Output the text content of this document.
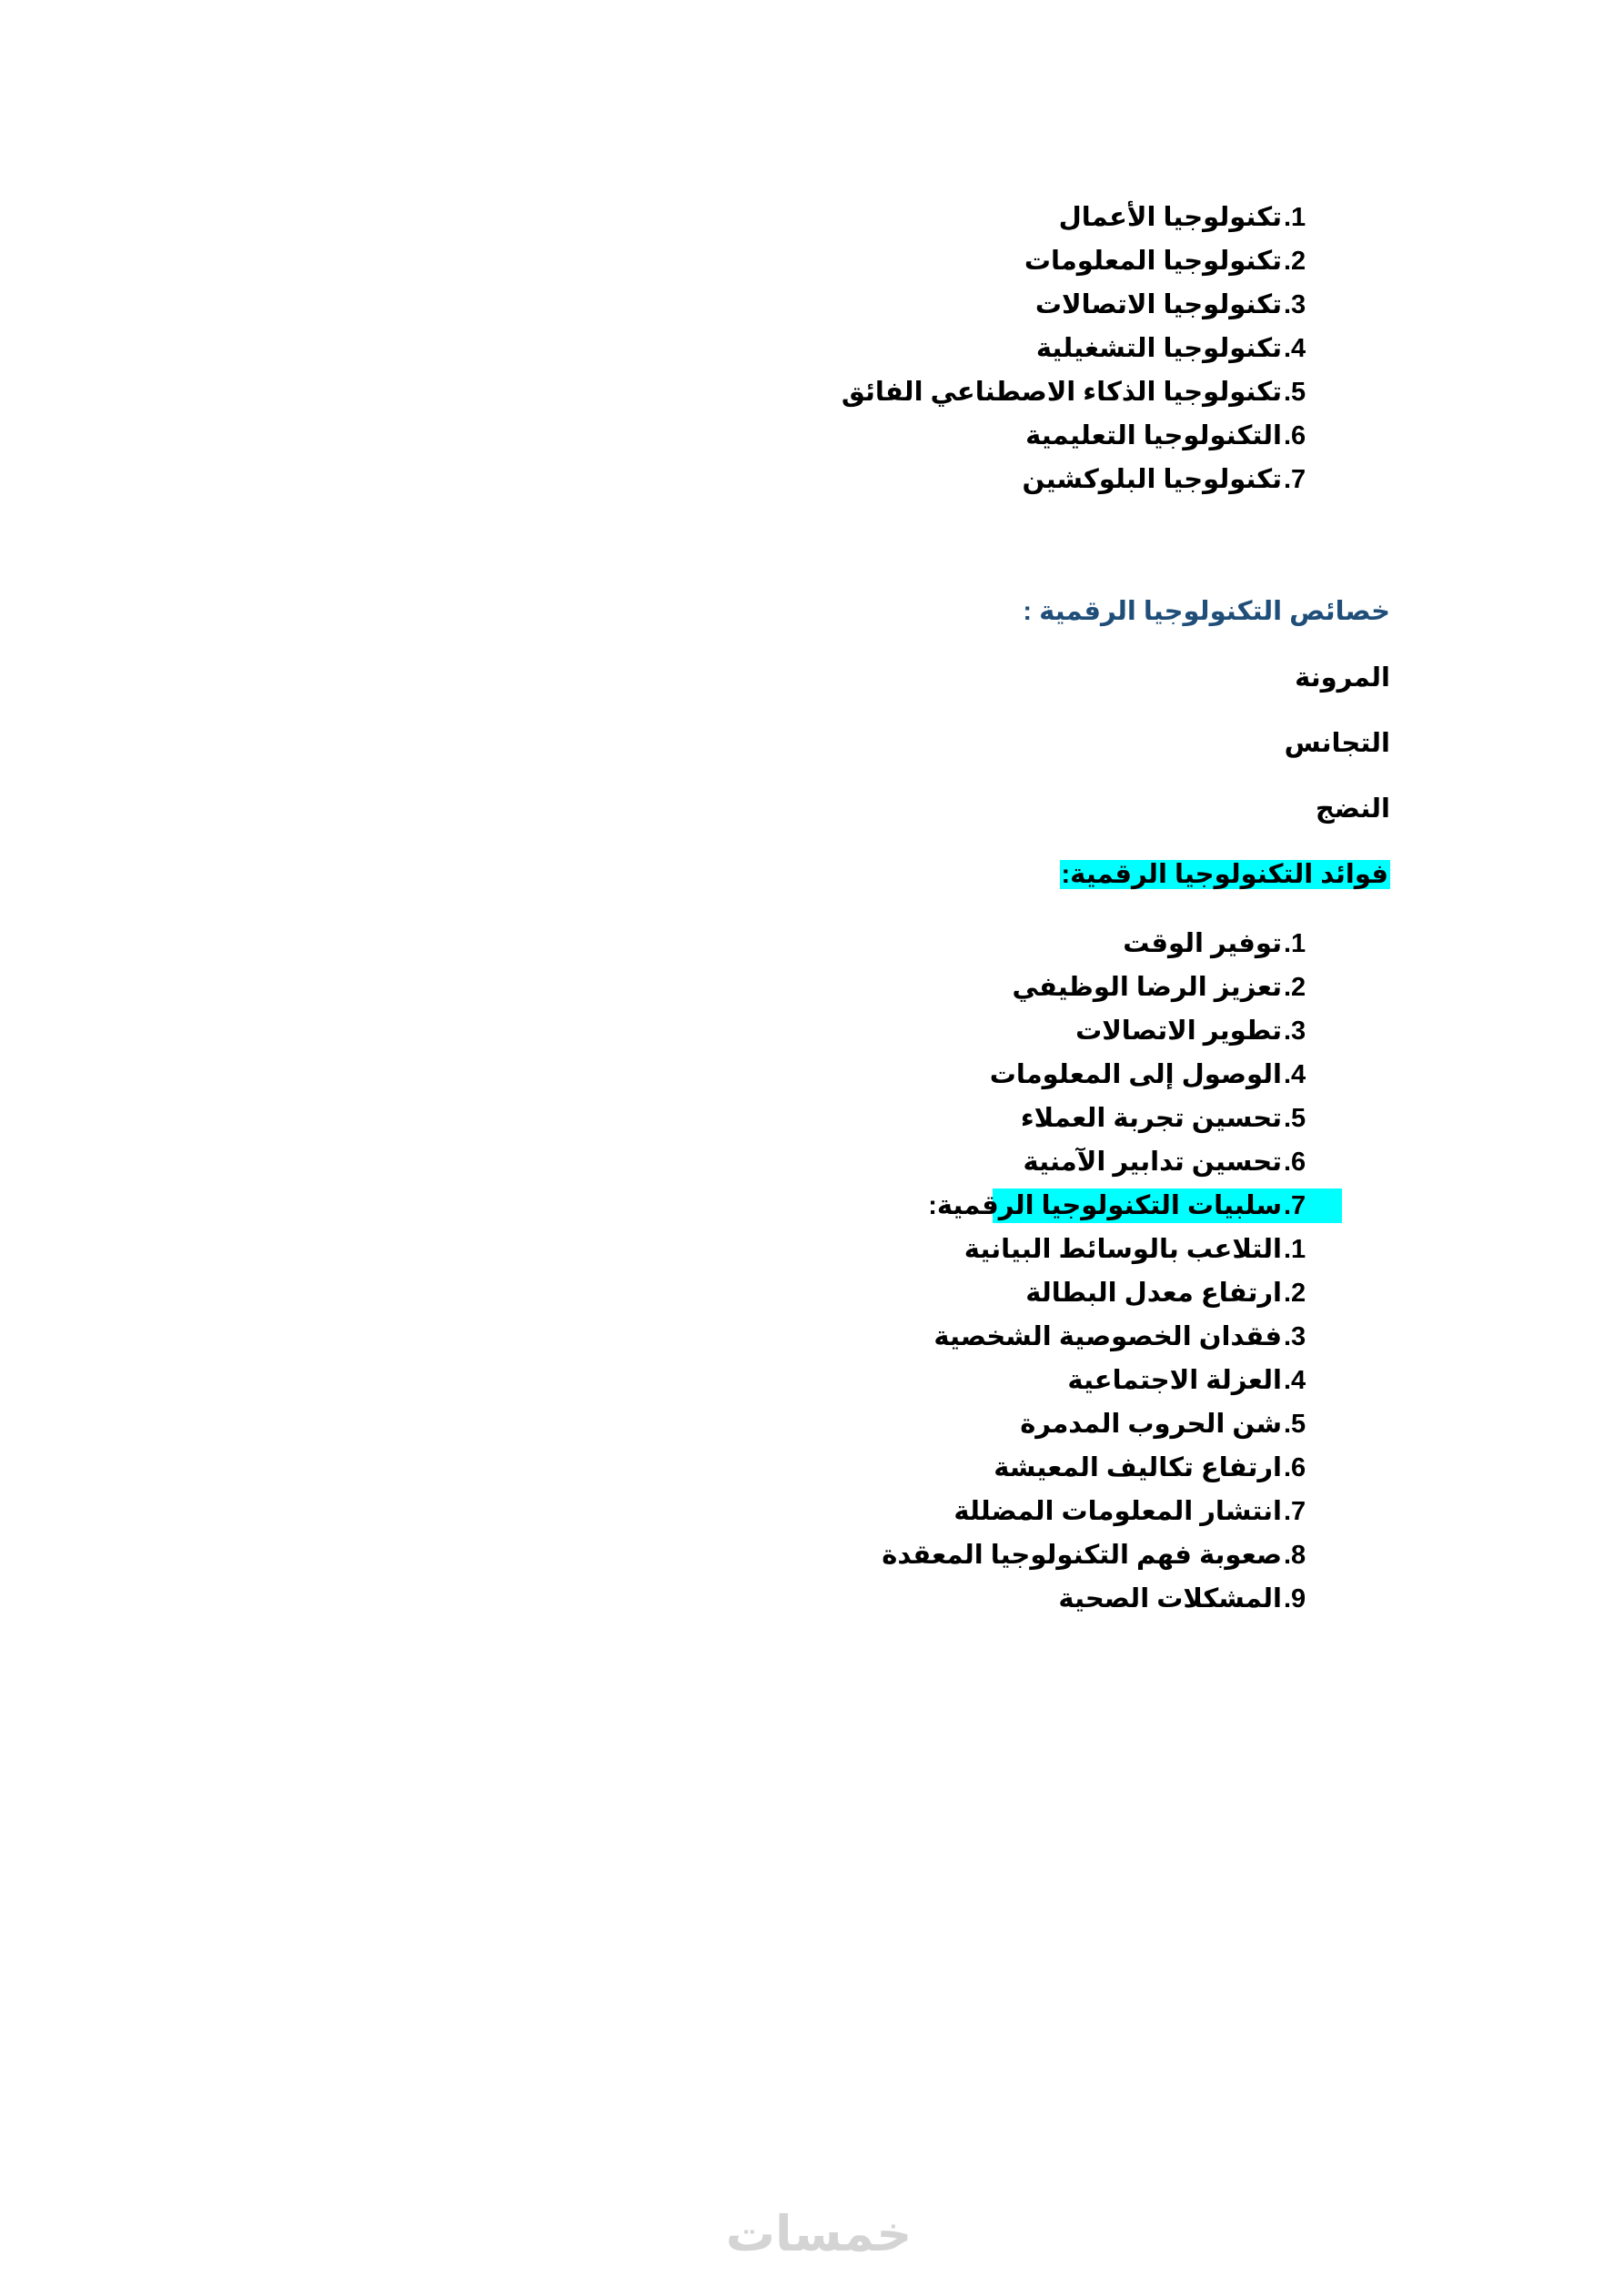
.1
تكنولوجيا الأعمال
.2
تكنولوجيا المعلومات
.3
تكنولوجيا الاتصالات
.4
تكنولوجيا التشغيلية
.5
تكنولوجيا الذكاء الاصطناعي الفائق
.6
التكنولوجيا التعليمية
.7
تكنولوجيا البلوكشين
خصائص التكنولوجيا الرقمية :
المرونة
التجانس
النضج
فوائد التكنولوجيا الرقمية:
.1
توفير الوقت
.2
تعزيز الرضا الوظيفي
.3
تطوير الاتصالات
.4
الوصول إلى المعلومات
.5
تحسين تجربة العملاء
.6
تحسين تدابير الآمنية
.7
سلبيات التكنولوجيا الرقمية:
.1
التلاعب بالوسائط البيانية
.2
ارتفاع معدل البطالة
.3
فقدان الخصوصية الشخصية
.4
العزلة الاجتماعية
.5
شن الحروب المدمرة
.6
ارتفاع تكاليف المعيشة
.7
انتشار المعلومات المضللة
.8
صعوبة فهم التكنولوجيا المعقدة
.9
المشكلات الصحية
خمسات
